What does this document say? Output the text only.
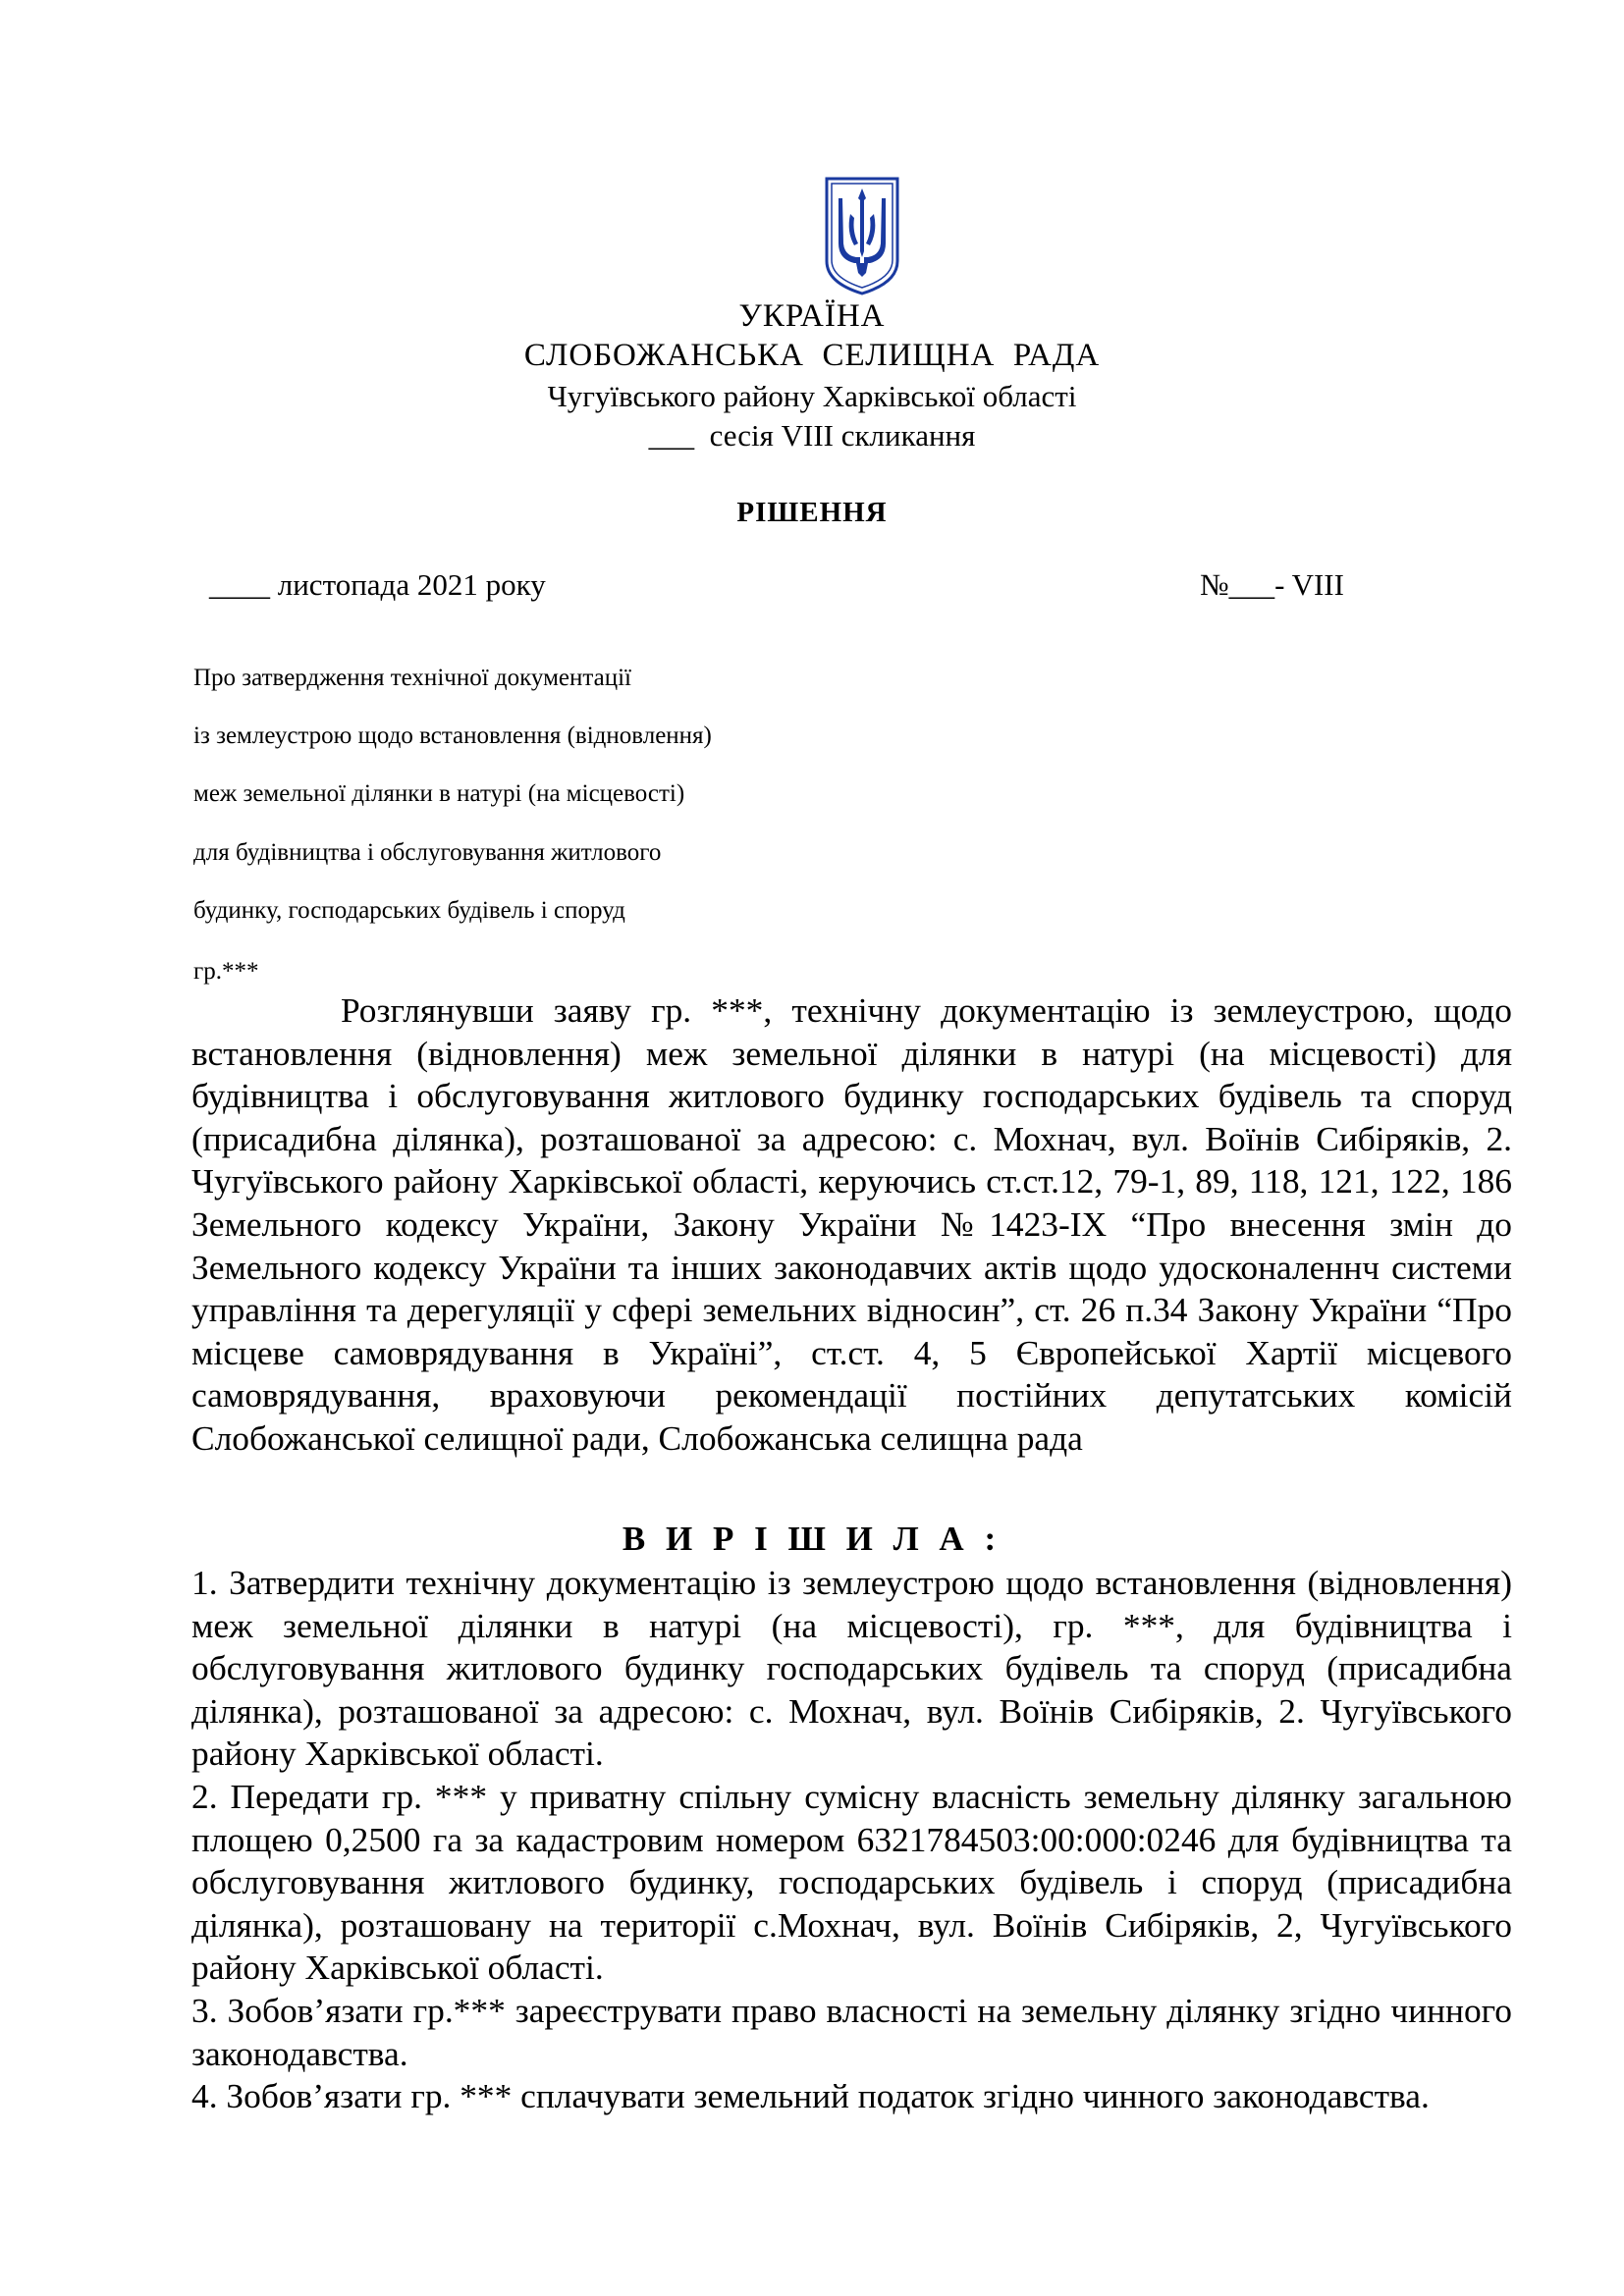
УКРАЇНА
СЛОБОЖАНСЬКА  СЕЛИЩНА  РАДА
Чугуївського району Харківської області
___  сесія VIII скликання
РІШЕННЯ
____ листопада 2021 року	№___- VIII
Про затвердження технічної документації
із землеустрою щодо встановлення (відновлення)
меж земельної ділянки в натурі (на місцевості)
для будівництва і обслуговування житлового
будинку, господарських будівель і споруд
гр.***

Розглянувши заяву гр. ***, технічну документацію із землеустрою, щодо встановлення (відновлення) меж земельної ділянки в натурі (на місцевості) для будівництва і обслуговування житлового будинку господарських будівель та споруд (присадибна ділянка), розташованої за адресою: с. Мохнач, вул. Воїнів Сибіряків, 2. Чугуївського району Харківської області, керуючись ст.ст.12, 79-1, 89, 118, 121, 122, 186 Земельного кодексу України, Закону України №1423-IX “Про внесення змін до Земельного кодексу України та інших законодавчих актів щодо удосконаленнч системи управління та дерегуляції у сфері земельних відносин”, ст. 26 п.34 Закону України “Про місцеве самоврядування в Україні”, ст.ст. 4, 5 Європейської Хартії місцевого самоврядування, враховуючи рекомендації постійних депутатських комісій Слобожанської селищної ради, Слобожанська селищна рада

В И Р І Ш И Л А :

1. Затвердити технічну документацію із землеустрою щодо встановлення (відновлення) меж земельної ділянки в натурі (на місцевості), гр. ***, для будівництва і обслуговування житлового будинку господарських будівель та споруд (присадибна ділянка), розташованої за адресою: с. Мохнач, вул. Воїнів Сибіряків, 2. Чугуївського району Харківської області.

2. Передати гр. *** у приватну спільну сумісну власність земельну ділянку загальною площею 0,2500 га за кадастровим номером 6321784503:00:000:0246 для будівництва та обслуговування житлового будинку, господарських будівель і споруд (присадибна ділянка), розташовану на території с.Мохнач, вул. Воїнів Сибіряків, 2, Чугуївського району Харківської області.

3. Зобов’язати гр.*** зареєструвати право власності на земельну ділянку згідно чинного законодавства.

4. Зобов’язати гр. *** сплачувати земельний податок згідно чинного законодавства.
